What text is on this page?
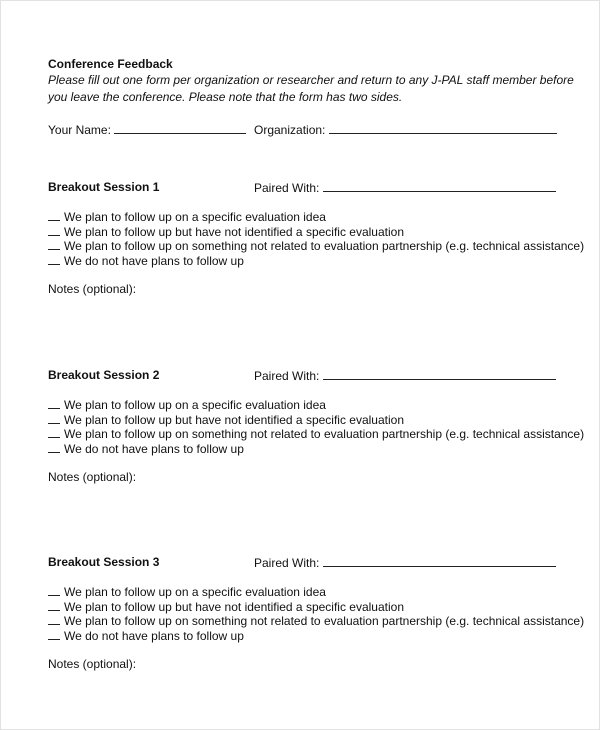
Conference Feedback
Please fill out one form per organization or researcher and return to any J-PAL staff member before
you leave the conference. Please note that the form has two sides.
Your Name:	Organization:
Breakout Session 1	Paired With:
We plan to follow up on a specific evaluation idea
We plan to follow up but have not identified a specific evaluation
We plan to follow up on something not related to evaluation partnership (e.g. technical assistance)
We do not have plans to follow up
Notes (optional):
Breakout Session 2	Paired With:
We plan to follow up on a specific evaluation idea
We plan to follow up but have not identified a specific evaluation
We plan to follow up on something not related to evaluation partnership (e.g. technical assistance)
We do not have plans to follow up
Notes (optional):
Breakout Session 3	Paired With:
We plan to follow up on a specific evaluation idea
We plan to follow up but have not identified a specific evaluation
We plan to follow up on something not related to evaluation partnership (e.g. technical assistance)
We do not have plans to follow up
Notes (optional):
